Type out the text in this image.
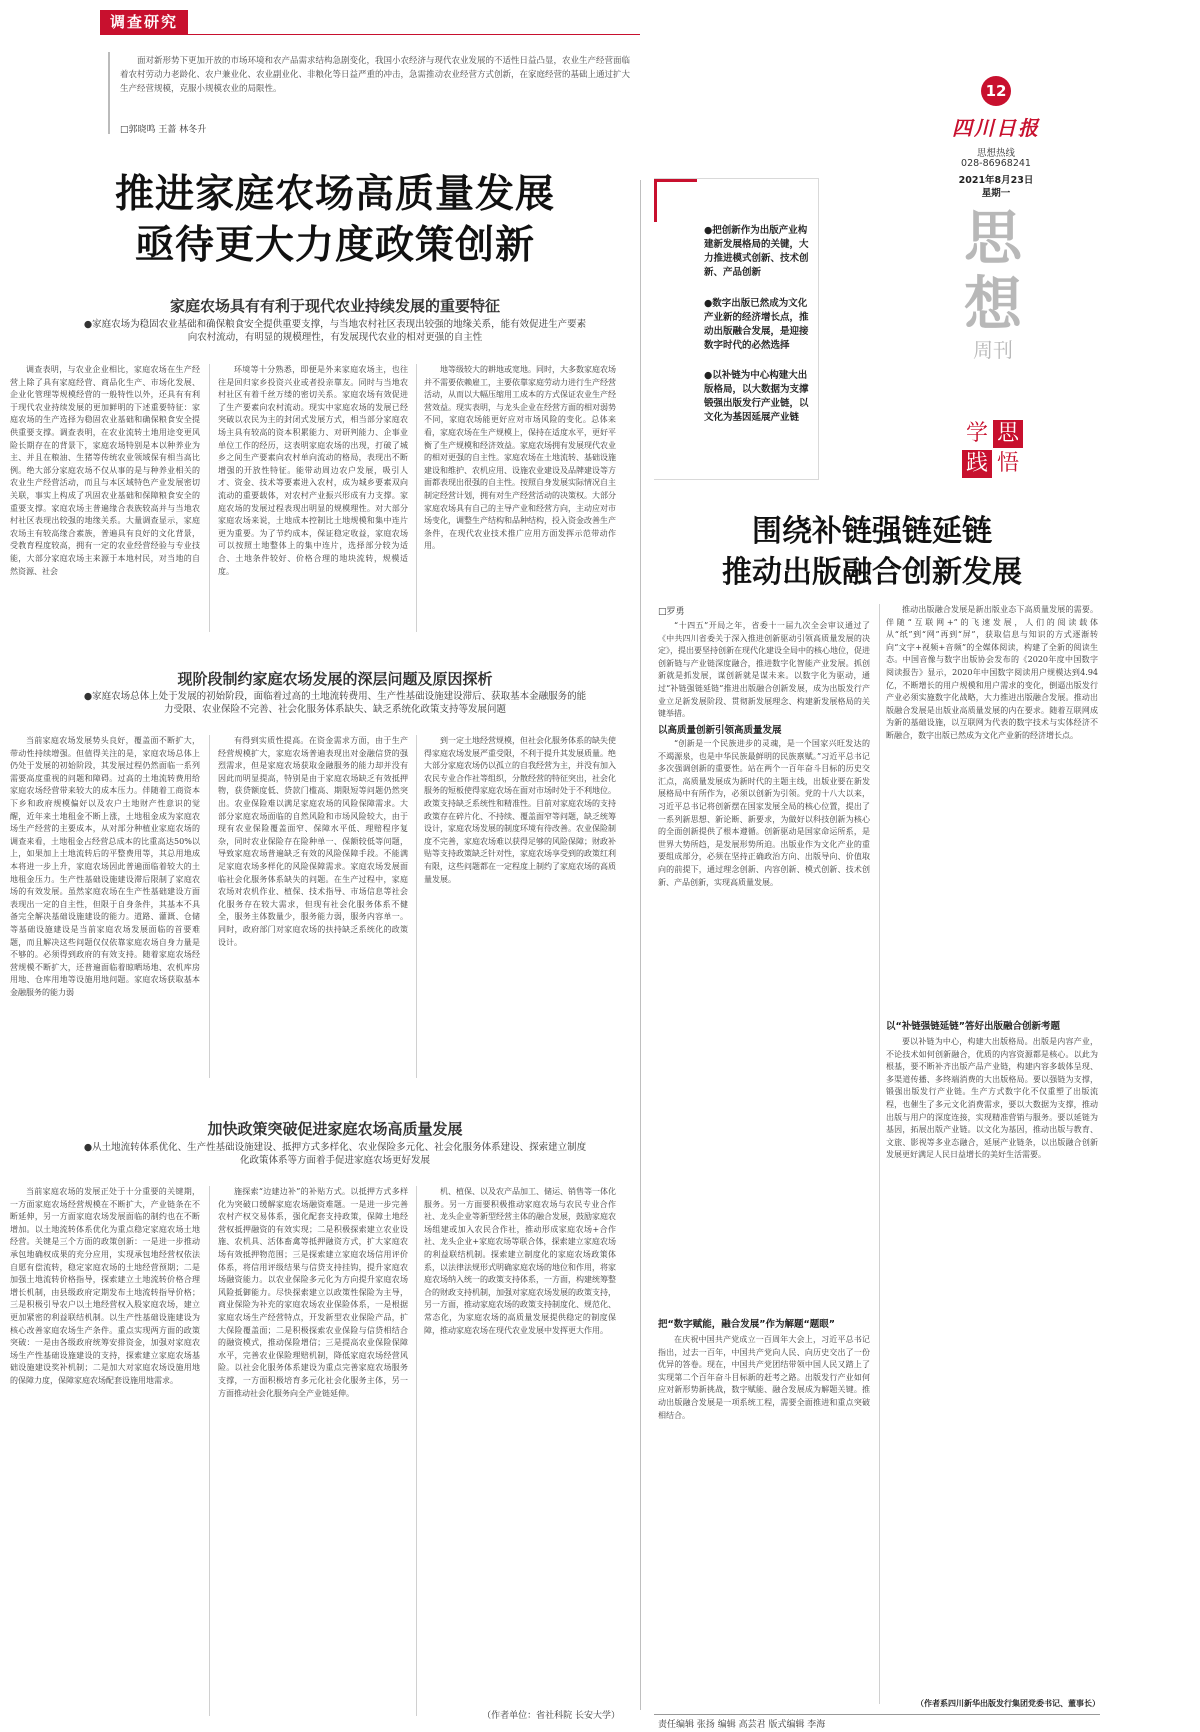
调查研究
面对新形势下更加开放的市场环境和农产品需求结构急剧变化，我国小农经济与现代农业发展的不适性日益凸显，农业生产经营面临着农村劳动力老龄化、农户兼业化、农业副业化、非粮化等日益严重的冲击，急需推动农业经营方式创新，在家庭经营的基础上通过扩大生产经营规模，克服小规模农业的局限性。
□郭晓鸣 王蔷 林冬升
推进家庭农场高质量发展
亟待更大力度政策创新
家庭农场具有有利于现代农业持续发展的重要特征
●家庭农场为稳固农业基础和确保粮食安全提供重要支撑，与当地农村社区表现出较强的地缘关系，能有效促进生产要素向农村流动，有明显的规模理性，有发展现代农业的相对更强的自主性

调查表明，与农业企业相比，家庭农场在生产经营上除了具有家庭经营、商品化生产、市场化发展、企业化管理等规模经营的一般特性以外，还具有有利于现代农业持续发展的更加鲜明的下述重要特征：家庭农场的生产选择为稳固农业基础和确保粮食安全提供重要支撑。调查表明，在农业流转土地用途变更风险长期存在的背景下，家庭农场特别是本以种养业为主、并且在粮油、生猪等传统农业领域保有相当高比例。绝大部分家庭农场不仅从事的是与种养业相关的农业生产经营活动，而且与本区域特色产业发展密切关联，事实上构成了巩固农业基础和保障粮食安全的重要支撑。家庭农场主普遍缘合表族较高并与当地农村社区表现出较强的地缘关系。大量调查显示，家庭农场主有较高缘合素族，普遍具有良好的文化背景，受教育程度较高，拥有一定的农业经营经验与专业技能，大部分家庭农场主来源于本地村民，对当地的自然资源、社会

环境等十分熟悉，即便是外来家庭农场主，也往往是回归家乡投资兴业或者投亲靠友。同时与当地农村社区有着千丝万缕的密切关系。家庭农场有效促进了生产要素向农村流动。现实中家庭农场的发展已经突破以农民为主的封闭式发展方式，相当部分家庭农场主具有较高的资本积累能力、对研判能力、企事业单位工作的经历，这表明家庭农场的出现，打破了城乡之间生产要素向农村单向流动的格局，表现出不断增强的开放性特征。能带动周边农户发展，吸引人才、资金、技术等要素进入农村，成为城乡要素双向流动的重要载体，对农村产业振兴形成有力支撑。家庭农场的发展过程表现出明显的规模理性。对大部分家庭农场来说，土地成本控制比土地规模和集中连片更为重要。为了节约成本，保证稳定收益，家庭农场可以按照土地整体上的集中连片，选择部分较为适合、土地条件较好、价格合理的地块流转，规模适度。

地等级较大的耕地或宽地。同时，大多数家庭农场并不需要依赖雇工，主要依靠家庭劳动力进行生产经营活动，从而以大幅压缩用工成本的方式保证农业生产经营效益。现实表明，与龙头企业在经营方面的相对弱势不同，家庭农场能更好应对市场风险的变化。总体来看，家庭农场在生产规模上，保持在适度水平，更好平衡了生产规模和经济效益。家庭农场拥有发展现代农业的相对更强的自主性。家庭农场在土地流转、基础设施建设和维护、农机应用、设施农业建设及品牌建设等方面都表现出很强的自主性。按照自身发展实际情况自主制定经营计划，拥有对生产经营活动的决策权。大部分家庭农场具有自己的主导产业和经营方向，主动应对市场变化，调整生产结构和品种结构，投入资金改善生产条件，在现代农业技术推广应用方面发挥示范带动作用。

现阶段制约家庭农场发展的深层问题及原因探析
●家庭农场总体上处于发展的初始阶段，面临着过高的土地流转费用、生产性基础设施建设滞后、获取基本金融服务的能力受限、农业保险不完善、社会化服务体系缺失、缺乏系统化政策支持等发展问题

当前家庭农场发展势头良好，覆盖面不断扩大，带动性持续增强。但值得关注的是，家庭农场总体上仍处于发展的初始阶段，其发展过程仍然面临一系列需要高度重视的问题和障碍。过高的土地流转费用给家庭农场经营带来较大的成本压力。伴随着工商资本下乡和政府规模偏好以及农户土地财产性意识的觉醒，近年来土地租金不断上涨，土地租金成为家庭农场生产经营的主要成本，从对部分种植业家庭农场的调查来看，土地租金占经营总成本的比重高达50%以上，如果加上土地流转后的平整费用等，其总用地成本将进一步上升，家庭农场因此普遍面临着较大的土地租金压力。生产性基础设施建设滞后限制了家庭农场的有效发展。虽然家庭农场在生产性基础建设方面表现出一定的自主性，但限于自身条件，其基本不具备完全解决基础设施建设的能力。道路、灌溉、仓储等基础设施建设是当前家庭农场发展面临的首要难题，而且解决这些问题仅仅依靠家庭农场自身力量是不够的。必须得到政府的有效支持。随着家庭农场经营规模不断扩大，还普遍面临着晾晒场地、农机库房用地、仓库用地等设施用地问题。家庭农场获取基本金融服务的能力弱

有得到实质性提高。在资金需求方面，由于生产经营规模扩大，家庭农场普遍表现出对金融信贷的强烈需求，但是家庭农场获取金融服务的能力却并没有因此而明显提高，特别是由于家庭农场缺乏有效抵押物，获贷额度低、贷款门槛高、期限短等问题仍然突出。农业保险难以满足家庭农场的风险保障需求。大部分家庭农场面临的自然风险和市场风险较大，由于现有农业保险覆盖面窄、保障水平低、理赔程序复杂，同时农业保险存在险种单一、保额较低等问题，导致家庭农场普遍缺乏有效的风险保障手段。不能满足家庭农场多样化的风险保障需求。家庭农场发展面临社会化服务体系缺失的问题。在生产过程中，家庭农场对农机作业、植保、技术指导、市场信息等社会化服务存在较大需求，但现有社会化服务体系不健全，服务主体数量少，服务能力弱，服务内容单一。同时，政府部门对家庭农场的扶持缺乏系统化的政策设计。

到一定土地经营规模，但社会化服务体系的缺失使得家庭农场发展严重受限，不利于提升其发展质量。绝大部分家庭农场仍以孤立的自我经营为主，并没有加入农民专业合作社等组织，分散经营的特征突出，社会化服务的短板使得家庭农场在面对市场时处于不利地位。政策支持缺乏系统性和精准性。目前对家庭农场的支持政策存在碎片化、不持续、覆盖面窄等问题，缺乏统筹设计，家庭农场发展的制度环境有待改善。农业保险制度不完善，家庭农场难以获得足够的风险保障；财政补贴等支持政策缺乏针对性，家庭农场享受到的政策红利有限，这些问题都在一定程度上制约了家庭农场的高质量发展。

加快政策突破促进家庭农场高质量发展
●从土地流转体系优化、生产性基础设施建设、抵押方式多样化、农业保险多元化、社会化服务体系建设、探索建立制度化政策体系等方面着手促进家庭农场更好发展

当前家庭农场的发展正处于十分重要的关键期，一方面家庭农场经营规模在不断扩大，产业链条在不断延伸，另一方面家庭农场发展面临的制约也在不断增加。以土地流转体系优化为重点稳定家庭农场土地经营。关键是三个方面的政策创新：一是进一步推动承包地确权成果的充分应用，实现承包地经营权依法自愿有偿流转，稳定家庭农场的土地经营预期；二是加强土地流转价格指导，探索建立土地流转价格合理增长机制，由县级政府定期发布土地流转指导价格；三是积极引导农户以土地经营权入股家庭农场，建立更加紧密的利益联结机制。以生产性基础设施建设为核心改善家庭农场生产条件。重点实现两方面的政策突破：一是由各级政府统筹安排资金，加强对家庭农场生产性基础设施建设的支持，探索建立家庭农场基础设施建设奖补机制；二是加大对家庭农场设施用地的保障力度，保障家庭农场配套设施用地需求。

施探索“边建边补”的补贴方式。以抵押方式多样化为突破口缓解家庭农场融资难题。一是进一步完善农村产权交易体系，强化配套支持政策，保障土地经营权抵押融资的有效实现；二是积极探索建立农业设施、农机具、活体畜禽等抵押融资方式，扩大家庭农场有效抵押物范围；三是探索建立家庭农场信用评价体系，将信用评级结果与信贷支持挂钩，提升家庭农场融资能力。以农业保险多元化为方向提升家庭农场风险抵御能力。尽快探索建立以政策性保险为主导，商业保险为补充的家庭农场农业保险体系，一是根据家庭农场生产经营特点，开发新型农业保险产品，扩大保险覆盖面；二是积极探索农业保险与信贷相结合的融资模式，推动保险增信；三是提高农业保险保障水平，完善农业保险理赔机制，降低家庭农场经营风险。以社会化服务体系建设为重点完善家庭农场服务支撑，一方面积极培育多元化社会化服务主体，另一方面推动社会化服务向全产业链延伸。

机、植保、以及农产品加工、储运、销售等一体化服务。另一方面要积极推动家庭农场与农民专业合作社、龙头企业等新型经营主体的融合发展，鼓励家庭农场组建或加入农民合作社，推动形成家庭农场+合作社、龙头企业+家庭农场等联合体，探索建立家庭农场的利益联结机制。探索建立制度化的家庭农场政策体系，以法律法规形式明确家庭农场的地位和作用，将家庭农场纳入统一的政策支持体系，一方面，构建统筹整合的财政支持机制，加强对家庭农场发展的政策支持，另一方面，推动家庭农场的政策支持制度化、规范化、常态化，为家庭农场的高质量发展提供稳定的制度保障，推动家庭农场在现代农业发展中发挥更大作用。

（作者单位：省社科院 长安大学）
12
四川日报
思想热线
028-86968241
2021年8月23日
星期一
思
想
周刊
学 思
践 悟
●把创新作为出版产业构建新发展格局的关键，大力推进模式创新、技术创新、产品创新
●数字出版已然成为文化产业新的经济增长点，推动出版融合发展，是迎接数字时代的必然选择
●以补链为中心构建大出版格局，以大数据为支撑锻强出版发行产业链，以文化为基因延展产业链
围绕补链强链延链
推动出版融合创新发展
□罗勇

“十四五”开局之年，省委十一届九次全会审议通过了《中共四川省委关于深入推进创新驱动引领高质量发展的决定》，提出要坚持创新在现代化建设全局中的核心地位，促进创新链与产业链深度融合，推进数字化智能产业发展。抓创新就是抓发展，谋创新就是谋未来。以数字化为驱动，通过“补链强链延链”推进出版融合创新发展，成为出版发行产业立足新发展阶段、贯彻新发展理念、构建新发展格局的关键举措。

以高质量创新引领高质量发展

“创新是一个民族进步的灵魂，是一个国家兴旺发达的不竭源泉，也是中华民族最鲜明的民族禀赋。”习近平总书记多次强调创新的重要性。站在两个一百年奋斗目标的历史交汇点，高质量发展成为新时代的主题主线，出版业要在新发展格局中有所作为，必须以创新为引领。党的十八大以来，习近平总书记将创新摆在国家发展全局的核心位置，提出了一系列新思想、新论断、新要求，为做好以科技创新为核心的全面创新提供了根本遵循。创新驱动是国家命运所系，是世界大势所趋，是发展形势所迫。出版业作为文化产业的重要组成部分，必须在坚持正确政治方向、出版导向、价值取向的前提下，通过理念创新、内容创新、模式创新、技术创新、产品创新，实现高质量发展。

把“数字赋能，融合发展”作为解题“题眼”

在庆祝中国共产党成立一百周年大会上，习近平总书记指出，过去一百年，中国共产党向人民、向历史交出了一份优异的答卷。现在，中国共产党团结带领中国人民又踏上了实现第二个百年奋斗目标新的赶考之路。出版发行产业如何应对新形势新挑战，数字赋能、融合发展成为解题关键。推动出版融合发展是一项系统工程，需要全面推进和重点突破相结合。

推动出版融合发展是新出版业态下高质量发展的需要。伴随“互联网+”的飞速发展，人们的阅读载体从“纸”到“网”再到“屏”，获取信息与知识的方式逐渐转向“文字+视频+音频”的全媒体阅读，构建了全新的阅读生态。中国音像与数字出版协会发布的《2020年度中国数字阅读报告》显示，2020年中国数字阅读用户规模达到4.94亿，不断增长的用户规模和用户需求的变化，倒逼出版发行产业必须实施数字化战略，大力推进出版融合发展。推动出版融合发展是出版业高质量发展的内在要求。随着互联网成为新的基础设施，以互联网为代表的数字技术与实体经济不断融合，数字出版已然成为文化产业新的经济增长点。

以“补链强链延链”答好出版融合创新考题

要以补链为中心，构建大出版格局。出版是内容产业，不论技术如何创新融合，优质的内容资源都是核心。以此为根基，要不断补齐出版产品产业链，构建内容多载体呈现、多渠道传播、多终端消费的大出版格局。要以强链为支撑，锻强出版发行产业链。生产方式数字化不仅重塑了出版流程，也催生了多元文化消费需求，要以大数据为支撑，推动出版与用户的深度连接，实现精准营销与服务。要以延链为基因，拓展出版产业链。以文化为基因，推动出版与教育、文旅、影视等多业态融合，延展产业链条，以出版融合创新发展更好满足人民日益增长的美好生活需要。

（作者系四川新华出版发行集团党委书记、董事长）
责任编辑 张扬 编辑 高芸君 版式编辑 李海
